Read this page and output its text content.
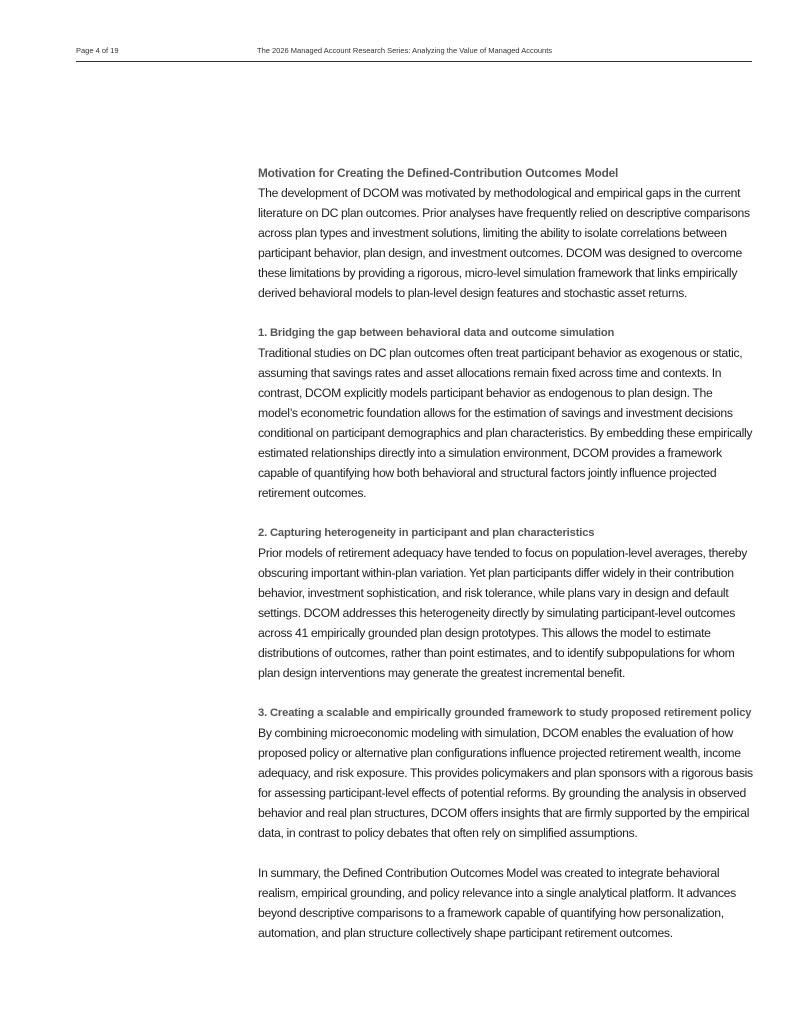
Page 4 of 19	The 2026 Managed Account Research Series: Analyzing the Value of Managed Accounts

Motivation for Creating the Defined-Contribution Outcomes Model

The development of DCOM was motivated by methodological and empirical gaps in the current literature on DC plan outcomes. Prior analyses have frequently relied on descriptive comparisons across plan types and investment solutions, limiting the ability to isolate correlations between participant behavior, plan design, and investment outcomes. DCOM was designed to overcome these limitations by providing a rigorous, micro-level simulation framework that links empirically derived behavioral models to plan-level design features and stochastic asset returns.

1. Bridging the gap between behavioral data and outcome simulation

Traditional studies on DC plan outcomes often treat participant behavior as exogenous or static, assuming that savings rates and asset allocations remain fixed across time and contexts. In contrast, DCOM explicitly models participant behavior as endogenous to plan design. The model’s econometric foundation allows for the estimation of savings and investment decisions conditional on participant demographics and plan characteristics. By embedding these empirically estimated relationships directly into a simulation environment, DCOM provides a framework capable of quantifying how both behavioral and structural factors jointly influence projected retirement outcomes.

2. Capturing heterogeneity in participant and plan characteristics

Prior models of retirement adequacy have tended to focus on population-level averages, thereby obscuring important within-plan variation. Yet plan participants differ widely in their contribution behavior, investment sophistication, and risk tolerance, while plans vary in design and default settings. DCOM addresses this heterogeneity directly by simulating participant-level outcomes across 41 empirically grounded plan design prototypes. This allows the model to estimate distributions of outcomes, rather than point estimates, and to identify subpopulations for whom plan design interventions may generate the greatest incremental benefit.

3. Creating a scalable and empirically grounded framework to study proposed retirement policy

By combining microeconomic modeling with simulation, DCOM enables the evaluation of how proposed policy or alternative plan configurations influence projected retirement wealth, income adequacy, and risk exposure. This provides policymakers and plan sponsors with a rigorous basis for assessing participant-level effects of potential reforms. By grounding the analysis in observed behavior and real plan structures, DCOM offers insights that are firmly supported by the empirical data, in contrast to policy debates that often rely on simplified assumptions.

In summary, the Defined Contribution Outcomes Model was created to integrate behavioral realism, empirical grounding, and policy relevance into a single analytical platform. It advances beyond descriptive comparisons to a framework capable of quantifying how personalization, automation, and plan structure collectively shape participant retirement outcomes.
